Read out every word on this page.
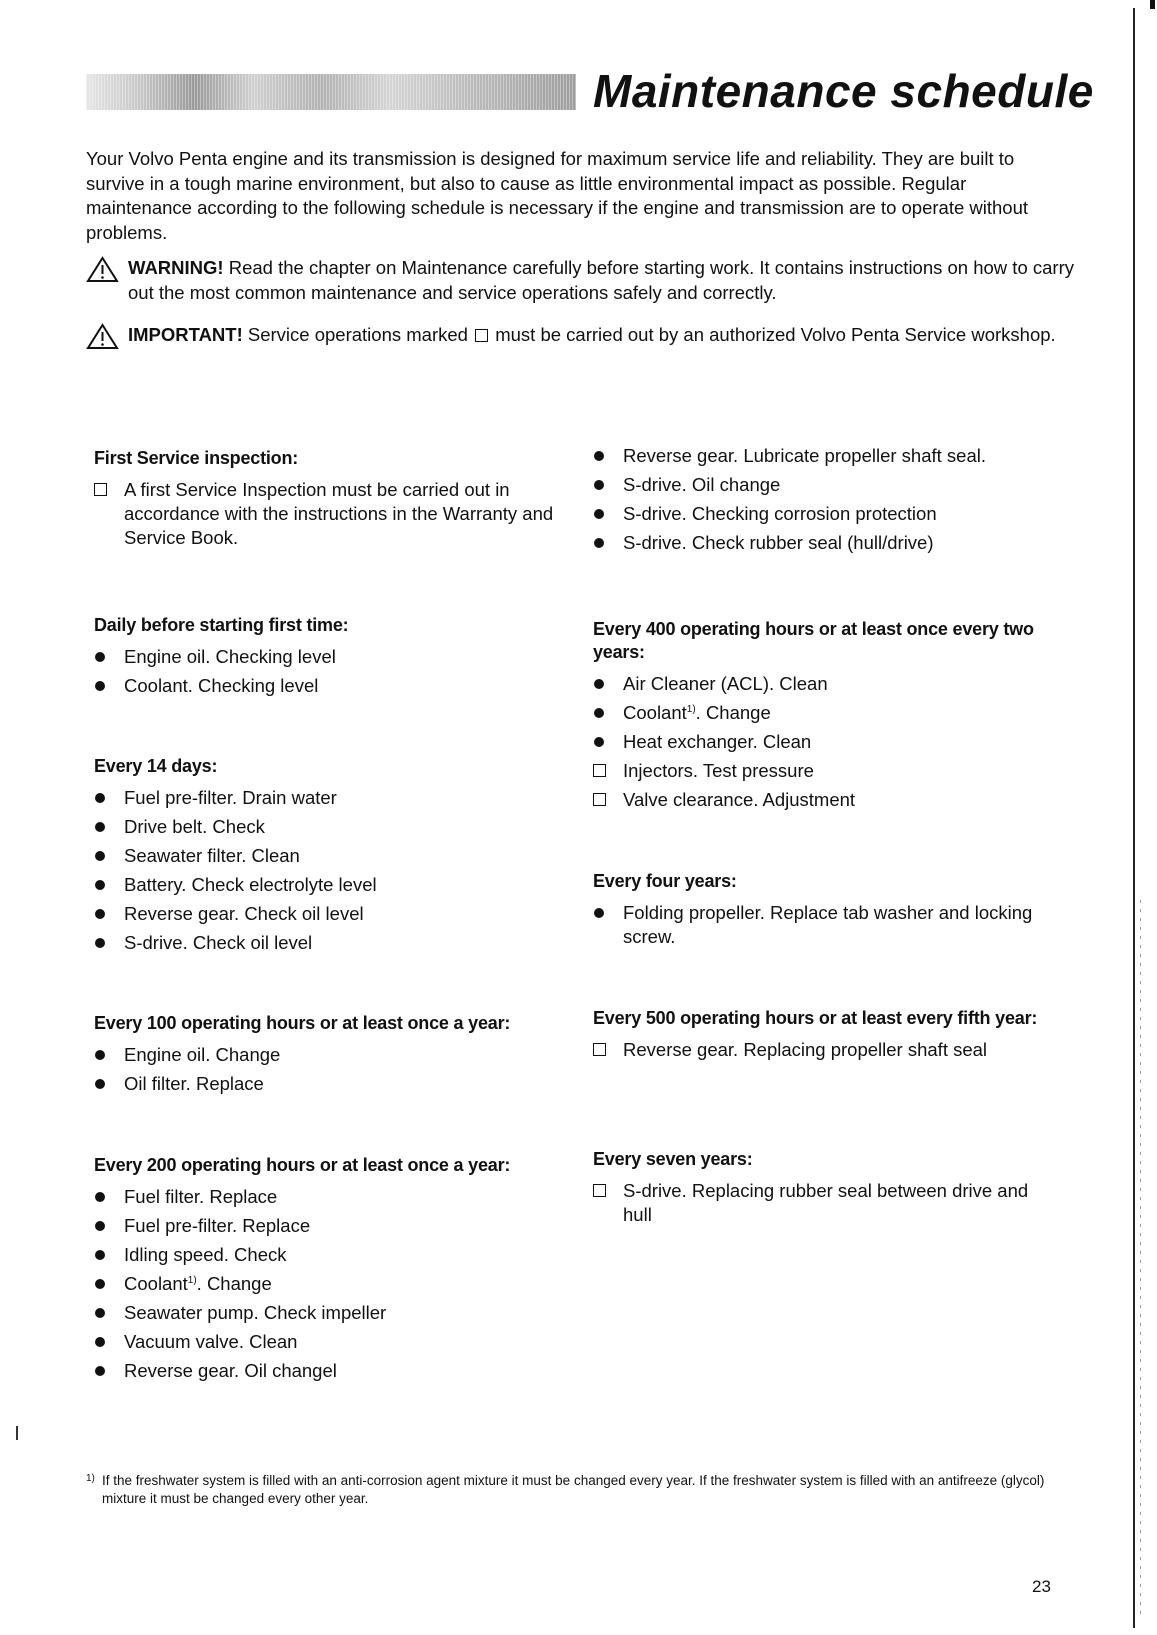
Maintenance schedule

Your Volvo Penta engine and its transmission is designed for maximum service life and reliability. They are built to survive in a tough marine environment, but also to cause as little environmental impact as possible. Regular maintenance according to the following schedule is necessary if the engine and transmission are to operate without problems.

WARNING! Read the chapter on Maintenance carefully before starting work. It contains instructions on how to carry out the most common maintenance and service operations safely and correctly.

IMPORTANT! Service operations marked  must be carried out by an authorized Volvo Penta Service workshop.

First Service inspection:
A first Service Inspection must be carried out in accordance with the instructions in the Warranty and Service Book.
Daily before starting first time:
Engine oil. Checking level
Coolant. Checking level
Every 14 days:
Fuel pre-filter. Drain water
Drive belt. Check
Seawater filter. Clean
Battery. Check electrolyte level
Reverse gear. Check oil level
S-drive. Check oil level
Every 100 operating hours or at least once a year:
Engine oil. Change
Oil filter. Replace
Every 200 operating hours or at least once a year:
Fuel filter. Replace
Fuel pre-filter. Replace
Idling speed. Check
Coolant$^{1)}$. Change
Seawater pump. Check impeller
Vacuum valve. Clean
Reverse gear. Oil changel
Reverse gear. Lubricate propeller shaft seal.
S-drive. Oil change
S-drive. Checking corrosion protection
S-drive. Check rubber seal (hull/drive)
Every 400 operating hours or at least once every two years:
Air Cleaner (ACL). Clean
Coolant$^{1)}$. Change
Heat exchanger. Clean
Injectors. Test pressure
Valve clearance. Adjustment
Every four years:
Folding propeller. Replace tab washer and locking screw.
Every 500 operating hours or at least every fifth year:
Reverse gear. Replacing propeller shaft seal
Every seven years:
S-drive. Replacing rubber seal between drive and hull
1) If the freshwater system is filled with an anti-corrosion agent mixture it must be changed every year. If the freshwater system is filled with an antifreeze (glycol) mixture it must be changed every other year.

23
